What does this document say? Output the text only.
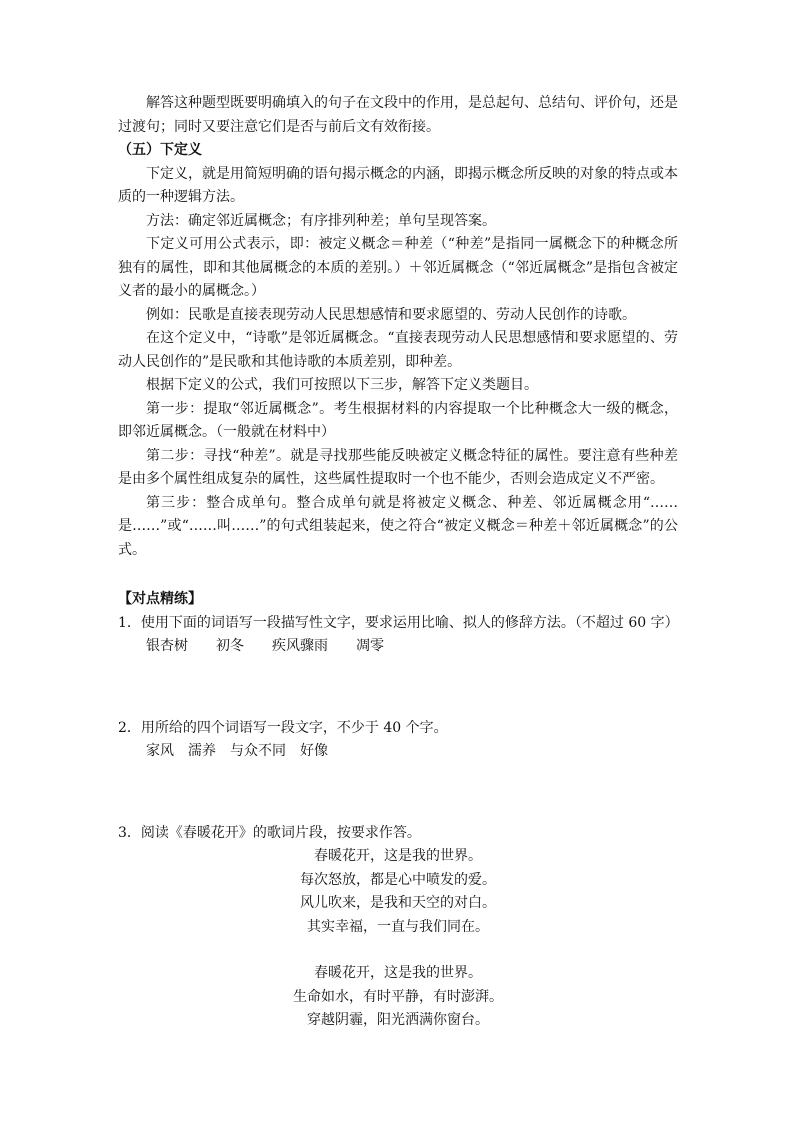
解答这种题型既要明确填入的句子在文段中的作用，是总起句、总结句、评价句，还是过渡句；同时又要注意它们是否与前后文有效衔接。

（五）下定义

下定义，就是用简短明确的语句揭示概念的内涵，即揭示概念所反映的对象的特点或本质的一种逻辑方法。

方法：确定邻近属概念；有序排列种差；单句呈现答案。

下定义可用公式表示，即：被定义概念＝种差（“种差”是指同一属概念下的种概念所独有的属性，即和其他属概念的本质的差别。）＋邻近属概念（“邻近属概念”是指包含被定义者的最小的属概念。）

例如：民歌是直接表现劳动人民思想感情和要求愿望的、劳动人民创作的诗歌。

在这个定义中，“诗歌”是邻近属概念。“直接表现劳动人民思想感情和要求愿望的、劳动人民创作的”是民歌和其他诗歌的本质差别，即种差。

根据下定义的公式，我们可按照以下三步，解答下定义类题目。

第一步：提取“邻近属概念”。考生根据材料的内容提取一个比种概念大一级的概念，即邻近属概念。（一般就在材料中）

第二步：寻找“种差”。就是寻找那些能反映被定义概念特征的属性。要注意有些种差是由多个属性组成复杂的属性，这些属性提取时一个也不能少，否则会造成定义不严密。

第三步：整合成单句。整合成单句就是将被定义概念、种差、邻近属概念用“……是……”或“……叫……”的句式组装起来，使之符合“被定义概念＝种差＋邻近属概念”的公式。

【对点精练】

1．使用下面的词语写一段描写性文字，要求运用比喻、拟人的修辞方法。（不超过 60 字）

银杏树　　初冬　　疾风骤雨　　凋零

2．用所给的四个词语写一段文字，不少于 40 个字。

家风　濡养　与众不同　好像

3．阅读《春暖花开》的歌词片段，按要求作答。

春暖花开，这是我的世界。

每次怒放，都是心中喷发的爱。

风儿吹来，是我和天空的对白。

其实幸福，一直与我们同在。

春暖花开，这是我的世界。

生命如水，有时平静，有时澎湃。

穿越阴霾，阳光洒满你窗台。
